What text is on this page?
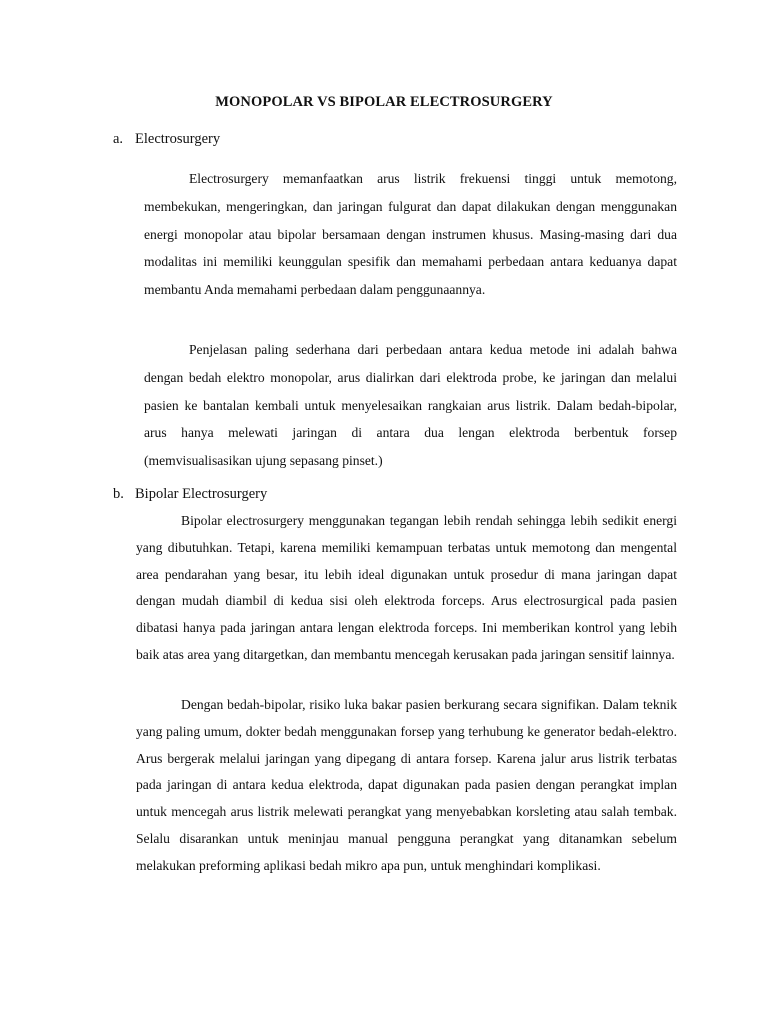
MONOPOLAR VS BIPOLAR ELECTROSURGERY
a. Electrosurgery

Electrosurgery memanfaatkan arus listrik frekuensi tinggi untuk memotong, membekukan, mengeringkan, dan jaringan fulgurat dan dapat dilakukan dengan menggunakan energi monopolar atau bipolar bersamaan dengan instrumen khusus. Masing-masing dari dua modalitas ini memiliki keunggulan spesifik dan memahami perbedaan antara keduanya dapat membantu Anda memahami perbedaan dalam penggunaannya.

Penjelasan paling sederhana dari perbedaan antara kedua metode ini adalah bahwa dengan bedah elektro monopolar, arus dialirkan dari elektroda probe, ke jaringan dan melalui pasien ke bantalan kembali untuk menyelesaikan rangkaian arus listrik. Dalam bedah-bipolar, arus hanya melewati jaringan di antara dua lengan elektroda berbentuk forsep (memvisualisasikan ujung sepasang pinset.)

b. Bipolar Electrosurgery

Bipolar electrosurgery menggunakan tegangan lebih rendah sehingga lebih sedikit energi yang dibutuhkan. Tetapi, karena memiliki kemampuan terbatas untuk memotong dan mengental area pendarahan yang besar, itu lebih ideal digunakan untuk prosedur di mana jaringan dapat dengan mudah diambil di kedua sisi oleh elektroda forceps. Arus electrosurgical pada pasien dibatasi hanya pada jaringan antara lengan elektroda forceps. Ini memberikan kontrol yang lebih baik atas area yang ditargetkan, dan membantu mencegah kerusakan pada jaringan sensitif lainnya.

Dengan bedah-bipolar, risiko luka bakar pasien berkurang secara signifikan. Dalam teknik yang paling umum, dokter bedah menggunakan forsep yang terhubung ke generator bedah-elektro. Arus bergerak melalui jaringan yang dipegang di antara forsep. Karena jalur arus listrik terbatas pada jaringan di antara kedua elektroda, dapat digunakan pada pasien dengan perangkat implan untuk mencegah arus listrik melewati perangkat yang menyebabkan korsleting atau salah tembak. Selalu disarankan untuk meninjau manual pengguna perangkat yang ditanamkan sebelum melakukan preforming aplikasi bedah mikro apa pun, untuk menghindari komplikasi.
